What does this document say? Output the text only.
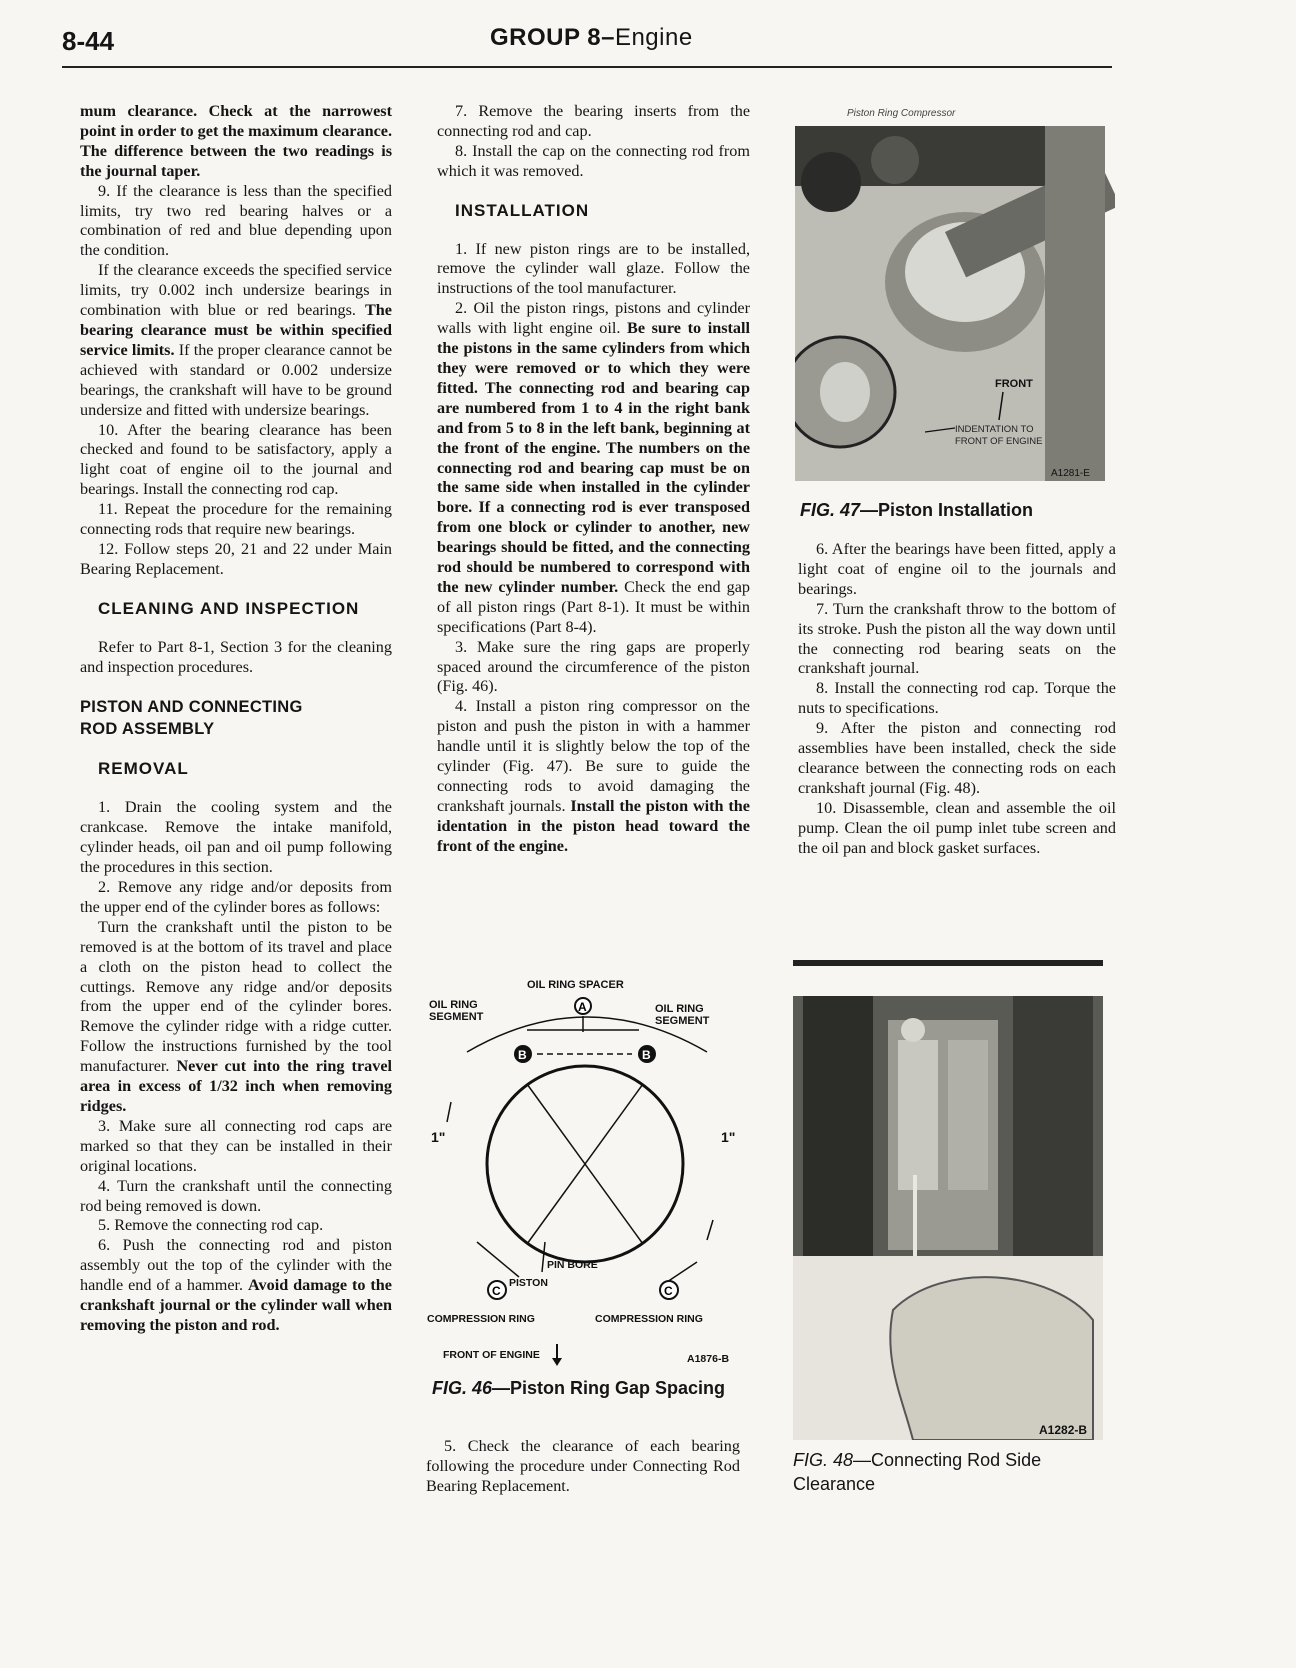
8-44	GROUP 8–Engine

mum clearance. Check at the narrowest point in order to get the maximum clearance. The difference between the two readings is the journal taper.

9. If the clearance is less than the specified limits, try two red bearing halves or a combination of red and blue depending upon the condition.

If the clearance exceeds the specified service limits, try 0.002 inch undersize bearings in combination with blue or red bearings. The bearing clearance must be within specified service limits. If the proper clearance cannot be achieved with standard or 0.002 undersize bearings, the crankshaft will have to be ground undersize and fitted with undersize bearings.

10. After the bearing clearance has been checked and found to be satisfactory, apply a light coat of engine oil to the journal and bearings. Install the connecting rod cap.

11. Repeat the procedure for the remaining connecting rods that require new bearings.

12. Follow steps 20, 21 and 22 under Main Bearing Replacement.

CLEANING AND INSPECTION

Refer to Part 8-1, Section 3 for the cleaning and inspection procedures.

PISTON AND CONNECTING

ROD ASSEMBLY

REMOVAL

1. Drain the cooling system and the crankcase. Remove the intake manifold, cylinder heads, oil pan and oil pump following the procedures in this section.

2. Remove any ridge and/or deposits from the upper end of the cylinder bores as follows:

Turn the crankshaft until the piston to be removed is at the bottom of its travel and place a cloth on the piston head to collect the cuttings. Remove any ridge and/or deposits from the upper end of the cylinder bores. Remove the cylinder ridge with a ridge cutter. Follow the instructions furnished by the tool manufacturer. Never cut into the ring travel area in excess of 1/32 inch when removing ridges.

3. Make sure all connecting rod caps are marked so that they can be installed in their original locations.

4. Turn the crankshaft until the connecting rod being removed is down.

5. Remove the connecting rod cap.

6. Push the connecting rod and piston assembly out the top of the cylinder with the handle end of a hammer. Avoid damage to the crankshaft journal or the cylinder wall when removing the piston and rod.

7. Remove the bearing inserts from the connecting rod and cap.

8. Install the cap on the connecting rod from which it was removed.

INSTALLATION

1. If new piston rings are to be installed, remove the cylinder wall glaze. Follow the instructions of the tool manufacturer.

2. Oil the piston rings, pistons and cylinder walls with light engine oil. Be sure to install the pistons in the same cylinders from which they were removed or to which they were fitted. The connecting rod and bearing cap are numbered from 1 to 4 in the right bank and from 5 to 8 in the left bank, beginning at the front of the engine. The numbers on the connecting rod and bearing cap must be on the same side when installed in the cylinder bore. If a connecting rod is ever transposed from one block or cylinder to another, new bearings should be fitted, and the connecting rod should be numbered to correspond with the new cylinder number. Check the end gap of all piston rings (Part 8-1). It must be within specifications (Part 8-4).

3. Make sure the ring gaps are properly spaced around the circumference of the piston (Fig. 46).

4. Install a piston ring compressor on the piston and push the piston in with a hammer handle until it is slightly below the top of the cylinder (Fig. 47). Be sure to guide the connecting rods to avoid damaging the crankshaft journals. Install the piston with the identation in the piston head toward the front of the engine.

OIL RING SPACER
OIL RING
SEGMENT
OIL RING
SEGMENT
A
B	B
1"	1"
C	C
PIN BORE
PISTON
COMPRESSION RING	COMPRESSION RING
FRONT OF ENGINE	A1876-B
FIG. 46—Piston Ring Gap Spacing

5. Check the clearance of each bearing following the procedure under Connecting Rod Bearing Replacement.

Piston Ring Compressor
FRONT
INDENTATION TO
FRONT OF ENGINE
A1281-E
FIG. 47—Piston Installation

6. After the bearings have been fitted, apply a light coat of engine oil to the journals and bearings.

7. Turn the crankshaft throw to the bottom of its stroke. Push the piston all the way down until the connecting rod bearing seats on the crankshaft journal.

8. Install the connecting rod cap. Torque the nuts to specifications.

9. After the piston and connecting rod assemblies have been installed, check the side clearance between the connecting rods on each crankshaft journal (Fig. 48).

10. Disassemble, clean and assemble the oil pump. Clean the oil pump inlet tube screen and the oil pan and block gasket surfaces.

A1282-B
FIG. 48—Connecting Rod Side Clearance
